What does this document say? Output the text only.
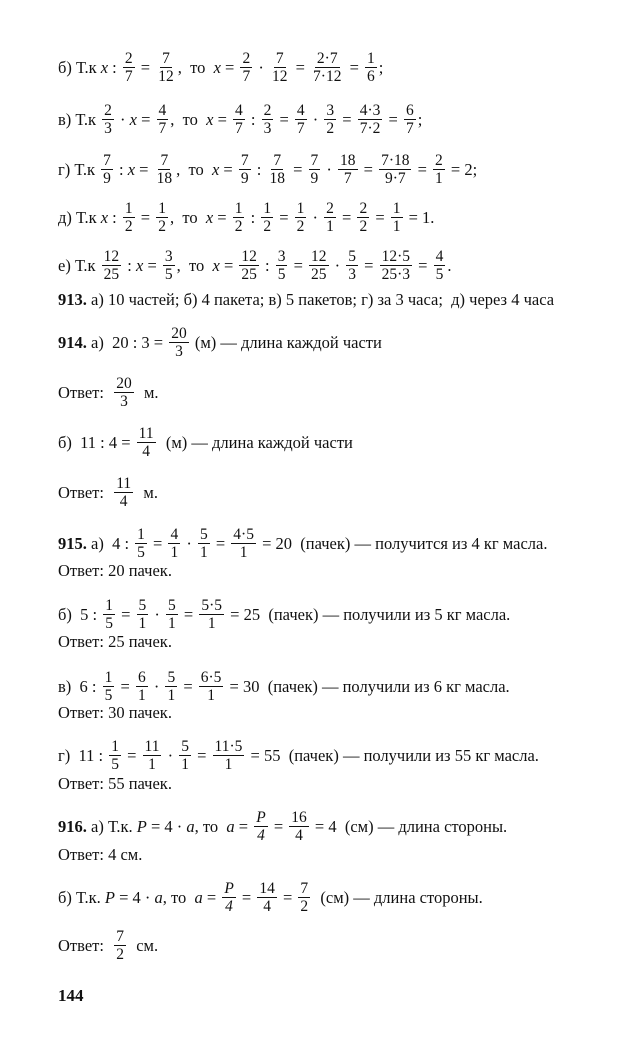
б) Т.к x : $\frac{2}{7} = \frac{7}{12}$ ,  то  $x = \frac{2}{7} \cdot \frac{7}{12} = \frac{2\cdot 7}{7\cdot 12} = \frac{1}{6}$ ;
в) $Т.к \frac{2}{3} \cdot x = \frac{4}{7}$ ,  то  $x = \frac{4}{7}$ : $\frac{2}{3} = \frac{4}{7} \cdot \frac{3}{2} = \frac{4\cdot 3}{7\cdot 2} = \frac{6}{7}$ ;
г) $Т.к \frac{7}{9}$ : $x = \frac{7}{18}$ ,  то  $x = \frac{7}{9}$ : $\frac{7}{18} = \frac{7}{9} \cdot \frac{18}{7} = \frac{7\cdot 18}{9\cdot 7} = \frac{2}{1} = 2$;
д) Т.к x : $\frac{1}{2} = \frac{1}{2}$ ,  то  $x = \frac{1}{2}$ : $\frac{1}{2} = \frac{1}{2} \cdot \frac{2}{1} = \frac{2}{2} = \frac{1}{1} = 1$.
е) $Т.к \frac{12}{25}$ : $x = \frac{3}{5}$ ,  то  $x = \frac{12}{25}$ : $\frac{3}{5} = \frac{12}{25} \cdot \frac{5}{3} = \frac{12\cdot 5}{25\cdot 3} = \frac{4}{5}$ .
913. а) 10 частей; б) 4 пакета; в) 5 пакетов; г) за 3 часа;  д) через 4 часа
914. а)  20 : $3 = \frac{20}{3} (м)$ — длина каждой части
Ответ: $\frac{20}{3} м$.
б)  11 : $4 = \frac{11}{4} (м)$ — длина каждой части
Ответ: $\frac{11}{4} м$.
915. а)  4 : $\frac{1}{5} = \frac{4}{1} \cdot \frac{5}{1} = \frac{4\cdot 5}{1} = 20$  (пачек) — получится из 4 кг масла.
Ответ: 20 пачек.
б)  5 : $\frac{1}{5} = \frac{5}{1} \cdot \frac{5}{1} = \frac{5\cdot 5}{1} = 25$  (пачек) — получили из 5 кг масла.
Ответ: 25 пачек.
в)  6 : $\frac{1}{5} = \frac{6}{1} \cdot \frac{5}{1} = \frac{6\cdot 5}{1} = 30$  (пачек) — получили из 6 кг масла.
Ответ: 30 пачек.
г)  11 : $\frac{1}{5} = \frac{11}{1} \cdot \frac{5}{1} = \frac{11\cdot 5}{1} = 55$  (пачек) — получили из 55 кг масла.
Ответ: 55 пачек.
916. а) Т.к. P = 4 · a, то  $a = \frac{P}{4} = \frac{16}{4} = 4$  (см) — длина стороны.
Ответ: 4 см.
б) Т.к. P = 4 · a, то  $a = \frac{P}{4} = \frac{14}{4} = \frac{7}{2} (см)$ — длина стороны.
Ответ: $\frac{7}{2}$ см.
144
